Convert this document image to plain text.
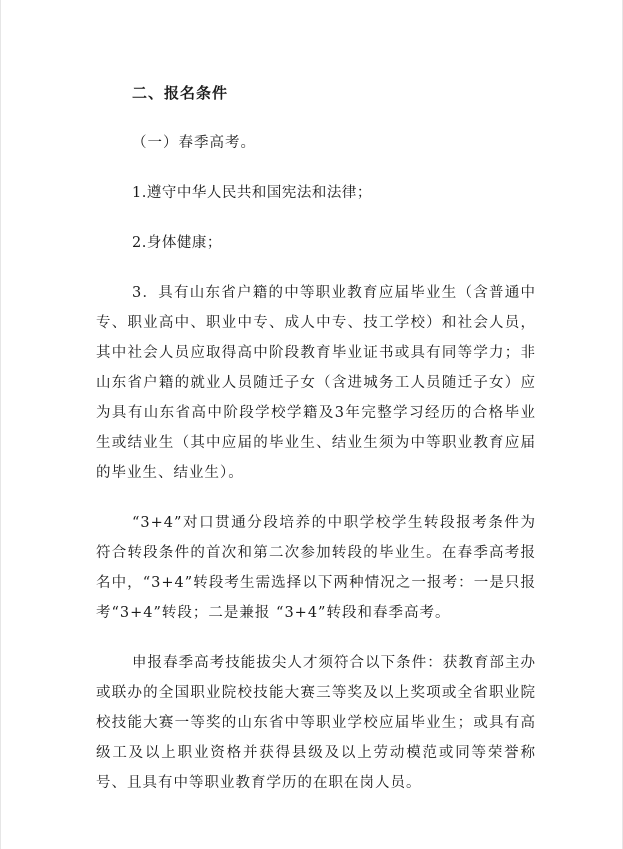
二、报名条件
（一）春季高考。
1.遵守中华人民共和国宪法和法律；
2.身体健康；
3．具有山东省户籍的中等职业教育应届毕业生（含普通中专、职业高中、职业中专、成人中专、技工学校）和社会人员，其中社会人员应取得高中阶段教育毕业证书或具有同等学力；非山东省户籍的就业人员随迁子女（含进城务工人员随迁子女）应为具有山东省高中阶段学校学籍及3年完整学习经历的合格毕业生或结业生（其中应届的毕业生、结业生须为中等职业教育应届的毕业生、结业生）。
“3+4”对口贯通分段培养的中职学校学生转段报考条件为符合转段条件的首次和第二次参加转段的毕业生。在春季高考报名中，“3+4”转段考生需选择以下两种情况之一报考：一是只报考“3+4”转段；二是兼报 “3+4”转段和春季高考。
申报春季高考技能拔尖人才须符合以下条件：获教育部主办或联办的全国职业院校技能大赛三等奖及以上奖项或全省职业院校技能大赛一等奖的山东省中等职业学校应届毕业生；或具有高级工及以上职业资格并获得县级及以上劳动模范或同等荣誉称号、且具有中等职业教育学历的在职在岗人员。
